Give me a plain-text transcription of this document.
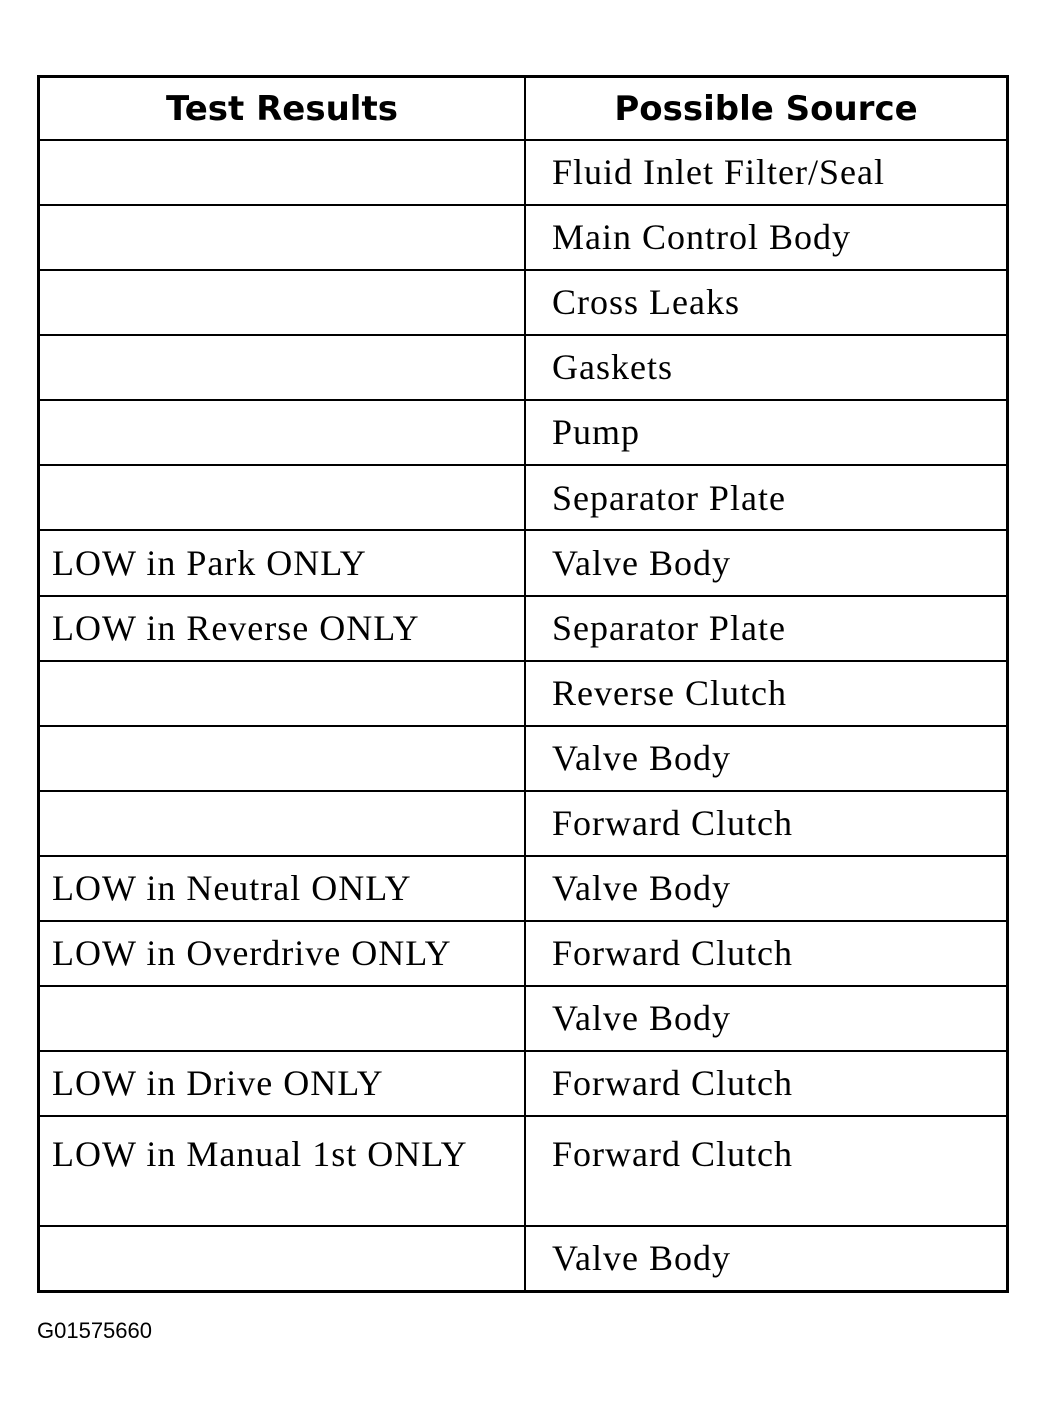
Test Results	Possible Source
	Fluid Inlet Filter/Seal
	Main Control Body
	Cross Leaks
	Gaskets
	Pump
	Separator Plate
LOW in Park ONLY	Valve Body
LOW in Reverse ONLY	Separator Plate
	Reverse Clutch
	Valve Body
	Forward Clutch
LOW in Neutral ONLY	Valve Body
LOW in Overdrive ONLY	Forward Clutch
	Valve Body
LOW in Drive ONLY	Forward Clutch
LOW in Manual 1st ONLY	Forward Clutch
	Valve Body
G01575660
